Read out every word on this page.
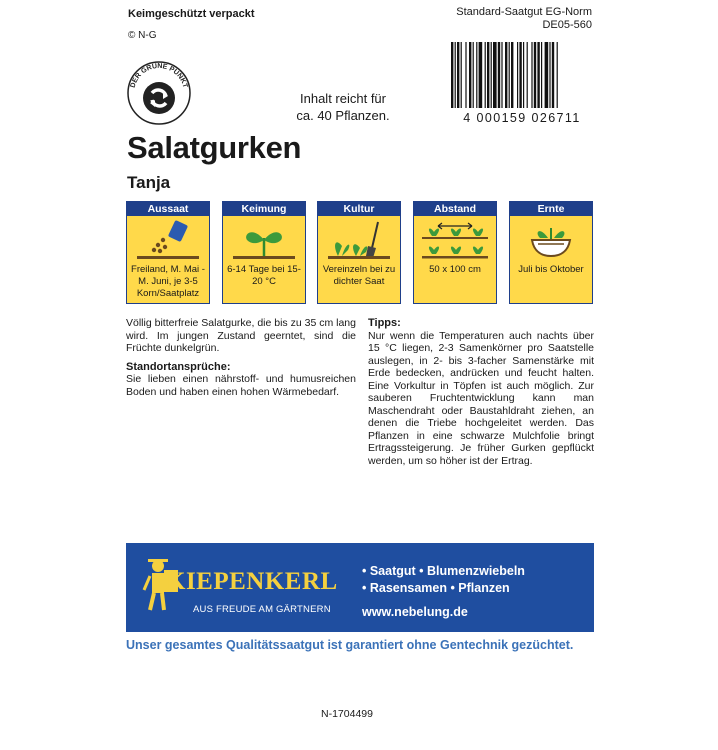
Keimgeschützt verpackt
© N-G
Standard-Saatgut EG-Norm
DE05-560
DER GRÜNE PUNKT
Inhalt reicht für
ca. 40 Pflanzen.	4 000159 026711
Salatgurken
Tanja
Aussaat
Freiland, M. Mai - M. Juni, je 3-5 Korn/Saatplatz
Keimung
6-14 Tage bei 15-20 °C
Kultur
Vereinzeln bei zu dichter Saat
Abstand
50 x 100 cm
Ernte
Juli bis Oktober

Völlig bitterfreie Salatgurke, die bis zu 35 cm lang wird. Im jungen Zustand geerntet, sind die Früchte dunkelgrün.

Standortansprüche:

Sie lieben einen nährstoff- und humusreichen Boden und haben einen hohen Wärmebedarf.

Tipps:

Nur wenn die Temperaturen auch nachts über 15 °C liegen, 2-3 Samenkörner pro Saatstelle auslegen, in 2- bis 3-facher Samenstärke mit Erde bedecken, andrücken und feucht halten. Eine Vorkultur in Töpfen ist auch möglich. Zur sauberen Fruchtentwicklung kann man Maschendraht oder Baustahldraht ziehen, an denen die Triebe hochgeleitet werden. Das Pflanzen in eine schwarze Mulchfolie bringt Ertragssteigerung. Je früher Gurken gepflückt werden, um so höher ist der Ertrag.

KIEPENKERL
AUS FREUDE AM GÄRTNERN
• Saatgut • Blumenzwiebeln
• Rasensamen • Pflanzen
www.nebelung.de
Unser gesamtes Qualitätssaatgut ist garantiert ohne Gentechnik gezüchtet.
N-1704499
